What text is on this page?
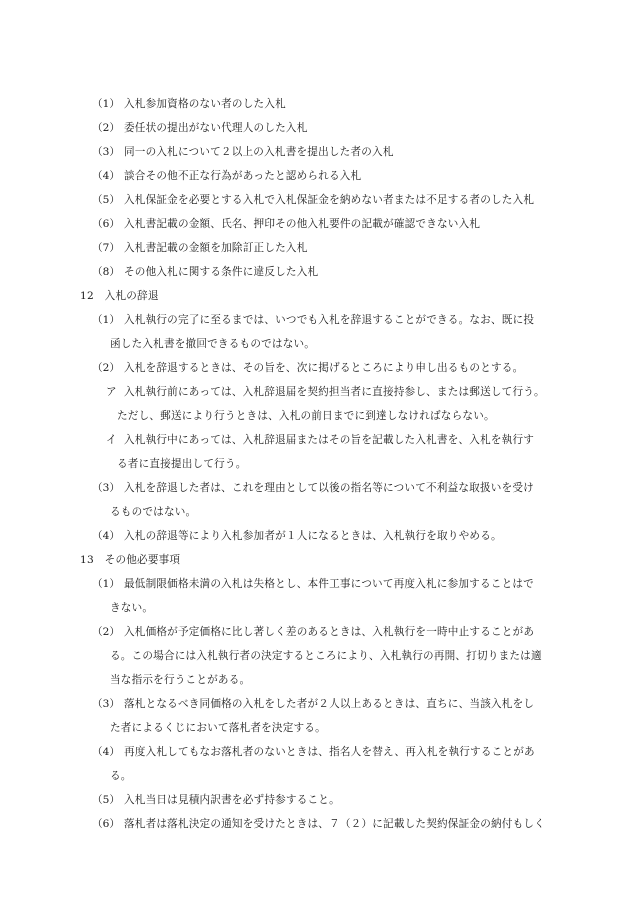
（1） 入札参加資格のない者のした入札
（2） 委任状の提出がない代理人のした入札
（3） 同一の入札について２以上の入札書を提出した者の入札
（4） 談合その他不正な行為があったと認められる入札
（5） 入札保証金を必要とする入札で入札保証金を納めない者または不足する者のした入札
（6） 入札書記載の金額、氏名、押印その他入札要件の記載が確認できない入札
（7） 入札書記載の金額を加除訂正した入札
（8） その他入札に関する条件に違反した入札
12　入札の辞退
（1） 入札執行の完了に至るまでは、いつでも入札を辞退することができる。なお、既に投
函した入札書を撤回できるものではない。
（2） 入札を辞退するときは、その旨を、次に掲げるところにより申し出るものとする。
ア 入札執行前にあっては、入札辞退届を契約担当者に直接持参し、または郵送して行う。
ただし、郵送により行うときは、入札の前日までに到達しなければならない。
イ 入札執行中にあっては、入札辞退届またはその旨を記載した入札書を、入札を執行す
る者に直接提出して行う。
（3） 入札を辞退した者は、これを理由として以後の指名等について不利益な取扱いを受け
るものではない。
（4） 入札の辞退等により入札参加者が１人になるときは、入札執行を取りやめる。
13　その他必要事項
（1） 最低制限価格未満の入札は失格とし、本件工事について再度入札に参加することはで
きない。
（2） 入札価格が予定価格に比し著しく差のあるときは、入札執行を一時中止することがあ
る。この場合には入札執行者の決定するところにより、入札執行の再開、打切りまたは適
当な指示を行うことがある。
（3） 落札となるべき同価格の入札をした者が２人以上あるときは、直ちに、当該入札をし
た者によるくじにおいて落札者を決定する。
（4） 再度入札してもなお落札者のないときは、指名人を替え、再入札を執行することがあ
る。
（5） 入札当日は見積内訳書を必ず持参すること。
（6） 落札者は落札決定の通知を受けたときは、７（２）に記載した契約保証金の納付もしく
